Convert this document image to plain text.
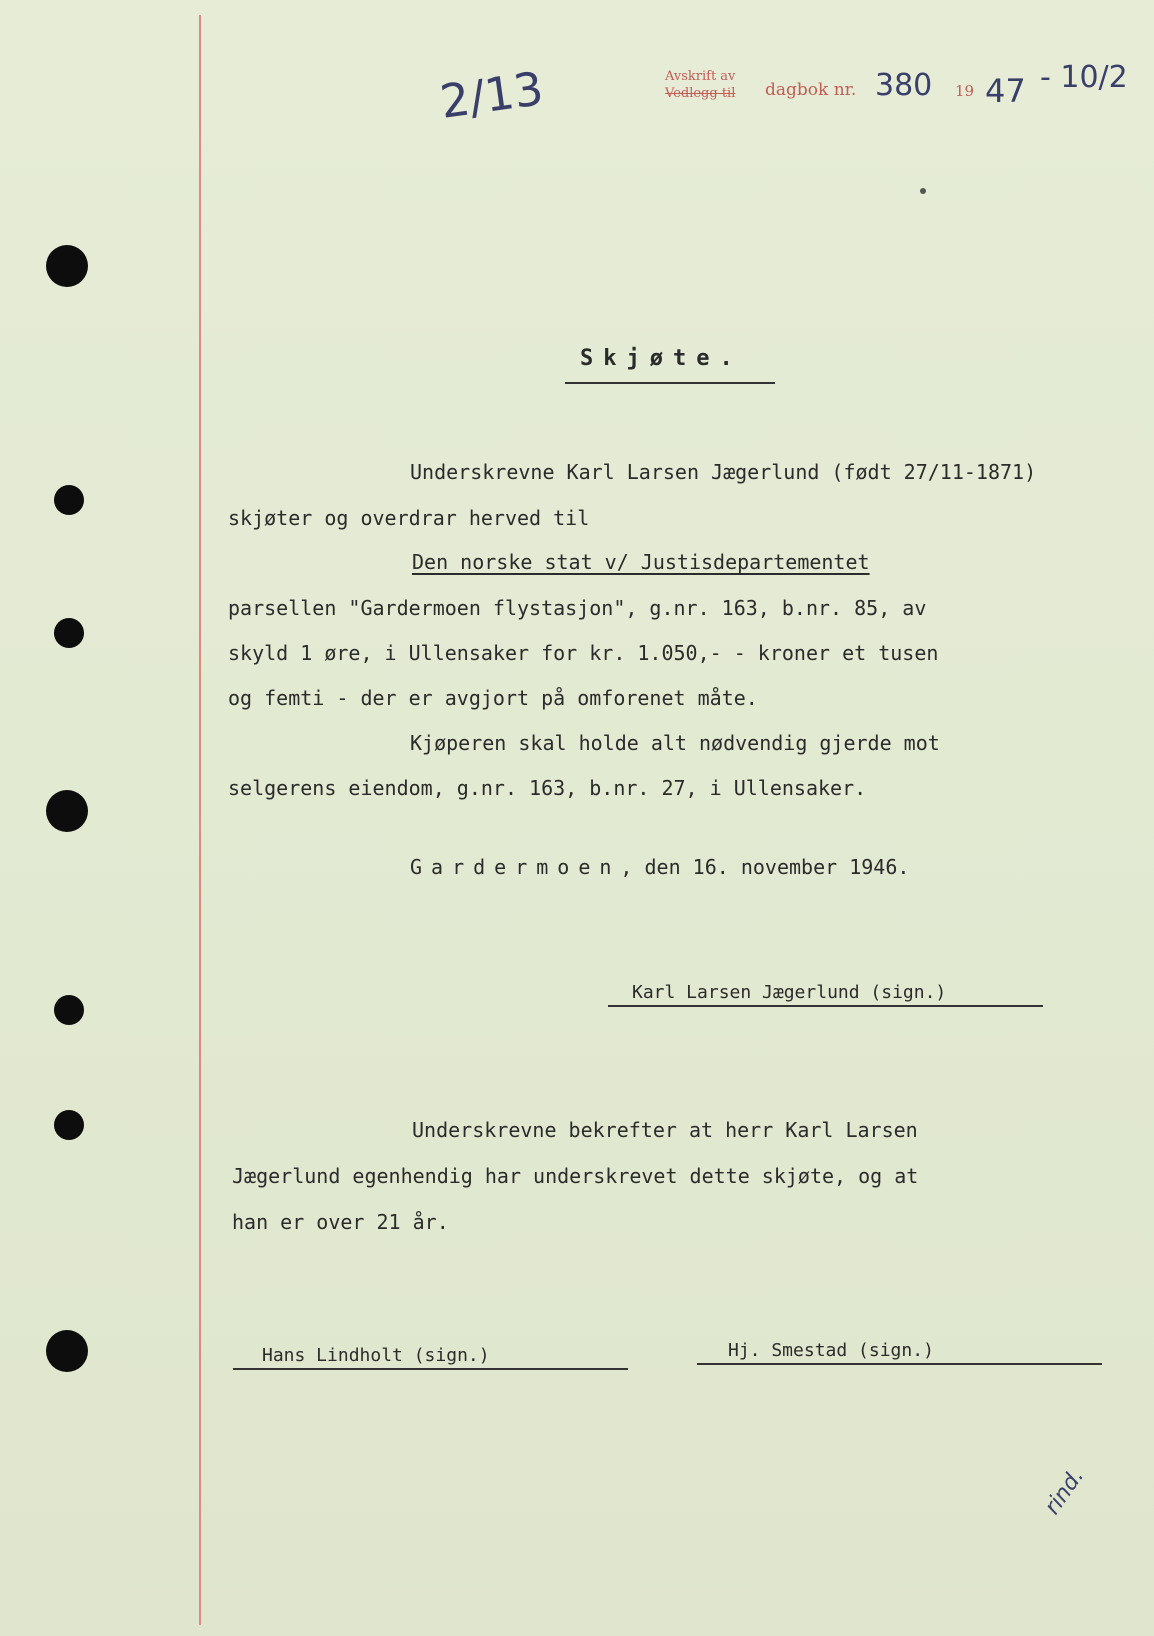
Avskrift av
Vedlegg til	dagbok nr. 380 19 47 - 10/2
2/13
Skjøte.
Underskrevne Karl Larsen Jægerlund (født 27/11-1871)
skjøter og overdrar herved til
Den norske stat v/ Justisdepartementet
parsellen "Gardermoen flystasjon", g.nr. 163, b.nr. 85, av
skyld 1 øre, i Ullensaker for kr. 1.050,- - kroner et tusen
og femti - der er avgjort på omforenet måte.
Kjøperen skal holde alt nødvendig gjerde mot
selgerens eiendom, g.nr. 163, b.nr. 27, i Ullensaker.
Gardermoen, den 16. november 1946.
Karl Larsen Jægerlund (sign.)
Underskrevne bekrefter at herr Karl Larsen
Jægerlund egenhendig har underskrevet dette skjøte, og at
han er over 21 år.
Hans Lindholt (sign.)	Hj. Smestad (sign.)
rind.
